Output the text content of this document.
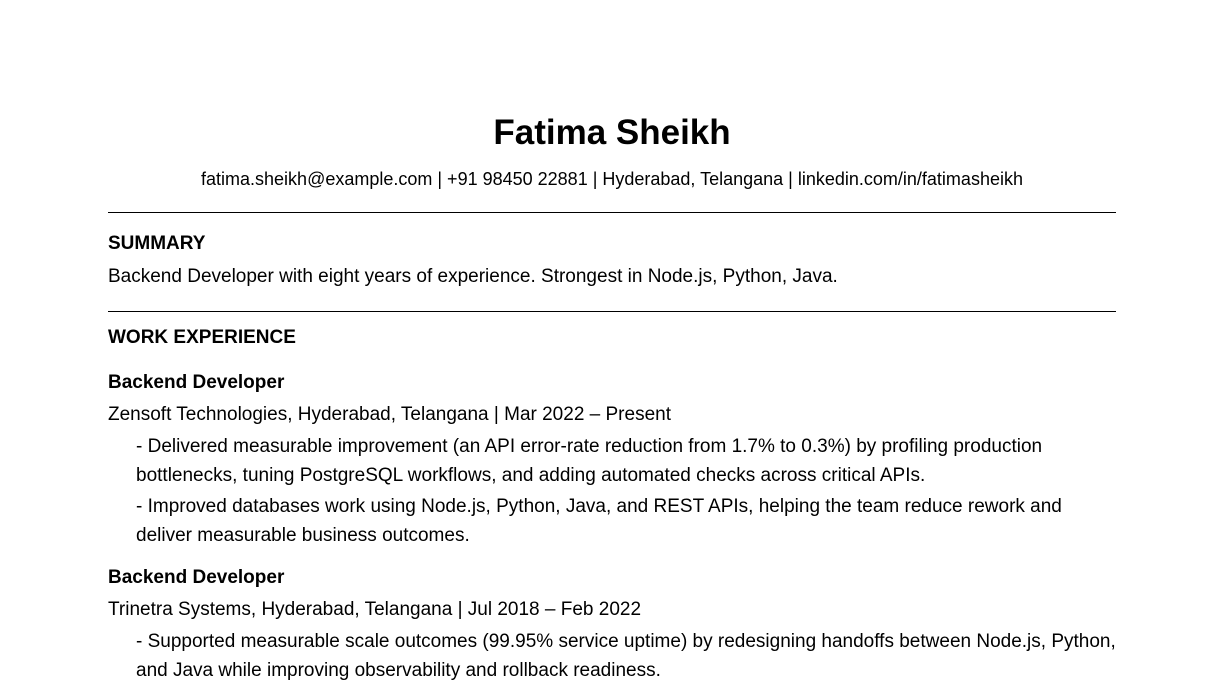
Fatima Sheikh
fatima.sheikh@example.com | +91 98450 22881 | Hyderabad, Telangana | linkedin.com/in/fatimasheikh
SUMMARY
Backend Developer with eight years of experience. Strongest in Node.js, Python, Java.
WORK EXPERIENCE
Backend Developer
Zensoft Technologies, Hyderabad, Telangana | Mar 2022 – Present
- Delivered measurable improvement (an API error-rate reduction from 1.7% to 0.3%) by profiling production bottlenecks, tuning PostgreSQL workflows, and adding automated checks across critical APIs.
- Improved databases work using Node.js, Python, Java, and REST APIs, helping the team reduce rework and deliver measurable business outcomes.
Backend Developer
Trinetra Systems, Hyderabad, Telangana | Jul 2018 – Feb 2022
- Supported measurable scale outcomes (99.95% service uptime) by redesigning handoffs between Node.js, Python, and Java while improving observability and rollback readiness.
